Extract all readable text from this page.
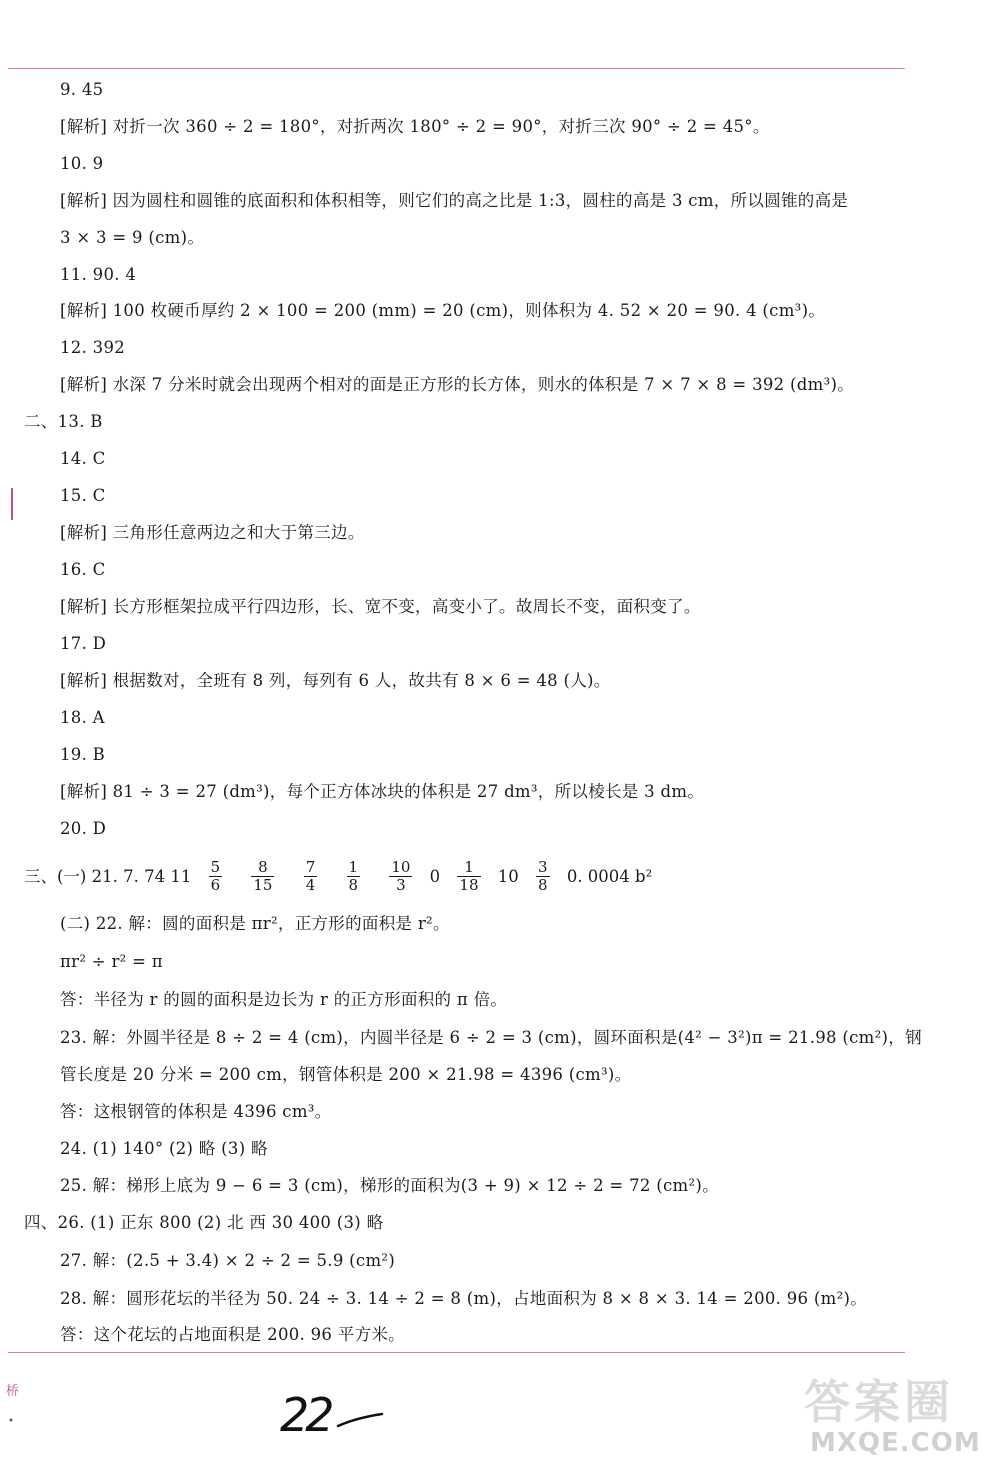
桥
•
9. 45
[解析] 对折一次 360 ÷ 2 = 180°，对折两次 180° ÷ 2 = 90°，对折三次 90° ÷ 2 = 45°。
10. 9
[解析] 因为圆柱和圆锥的底面积和体积相等，则它们的高之比是 1:3，圆柱的高是 3 cm，所以圆锥的高是
3 × 3 = 9 (cm)。
11. 90. 4
[解析] 100 枚硬币厚约 2 × 100 = 200 (mm) = 20 (cm)，则体积为 4. 52 × 20 = 90. 4 (cm³)。
12. 392
[解析] 水深 7 分米时就会出现两个相对的面是正方形的长方体，则水的体积是 7 × 7 × 8 = 392 (dm³)。
二、13. B
14. C
15. C
[解析] 三角形任意两边之和大于第三边。
16. C
[解析] 长方形框架拉成平行四边形，长、宽不变，高变小了。故周长不变，面积变了。
17. D
[解析] 根据数对，全班有 8 列，每列有 6 人，故共有 8 × 6 = 48 (人)。
18. A
19. B
[解析] 81 ÷ 3 = 27 (dm³)，每个正方体冰块的体积是 27 dm³，所以棱长是 3 dm。
20. D
三、(一) 21. 7. 74 $11 \frac{5}{6}$
$\frac{8}{15}$
$\frac{7}{4}$
$\frac{1}{8}$
$\frac{10}{3} 0 \frac{1}{18} 10 \frac{3}{8} 0$. 0004 b²
(二) 22. 解：圆的面积是 πr²，正方形的面积是 r²。
πr² ÷ r² = π
答：半径为 r 的圆的面积是边长为 r 的正方形面积的 π 倍。
23. 解：外圆半径是 8 ÷ 2 = 4 (cm)，内圆半径是 6 ÷ 2 = 3 (cm)，圆环面积是(4² − 3²)π = 21.98 (cm²)，钢
管长度是 20 分米 = 200 cm，钢管体积是 200 × 21.98 = 4396 (cm³)。
答：这根钢管的体积是 4396 cm³。
24. (1) 140° (2) 略 (3) 略
25. 解：梯形上底为 9 − 6 = 3 (cm)，梯形的面积为(3 + 9) × 12 ÷ 2 = 72 (cm²)。
四、26. (1) 正东 800 (2) 北 西 30 400 (3) 略
27. 解：(2.5 + 3.4) × 2 ÷ 2 = 5.9 (cm²)
28. 解：圆形花坛的半径为 50. 24 ÷ 3. 14 ÷ 2 = 8 (m)，占地面积为 8 × 8 × 3. 14 = 200. 96 (m²)。
答：这个花坛的占地面积是 200. 96 平方米。
22	答案圈
MXQE.COM
